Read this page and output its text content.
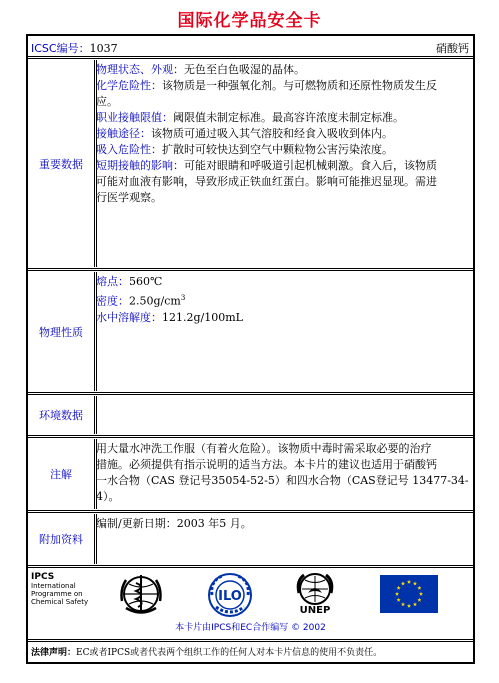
国际化学品安全卡
ICSC编号：1037	硝酸钙
重要数据
物理状态、外观：无色至白色吸湿的晶体。
化学危险性：该物质是一种强氧化剂。与可燃物质和还原性物质发生反
应。
职业接触限值：阈限值未制定标准。最高容许浓度未制定标准。
接触途径：该物质可通过吸入其气溶胶和经食入吸收到体内。
吸入危险性：扩散时可较快达到空气中颗粒物公害污染浓度。
短期接触的影响：可能对眼睛和呼吸道引起机械刺激。食入后，该物质
可能对血液有影响，导致形成正铁血红蛋白。影响可能推迟显现。需进
行医学观察。
物理性质
熔点：560℃
密度：$2.50g/cm^3$
水中溶解度：121.2g/100mL
环境数据
注解
用大量水冲洗工作服（有着火危险）。该物质中毒时需采取必要的治疗
措施。必须提供有指示说明的适当方法。本卡片的建议也适用于硝酸钙
一水合物（CAS 登记号35054-52-5）和四水合物（CAS登记号 13477-34-
4）。
附加资料
编制/更新日期：2003 年5 月。
IPCS
International
Programme on
Chemical Safety	ILO
UNEP
本卡片由IPCS和EC合作编写 © 2002
法律声明：EC或者IPCS或者代表两个组织工作的任何人对本卡片信息的使用不负责任。
